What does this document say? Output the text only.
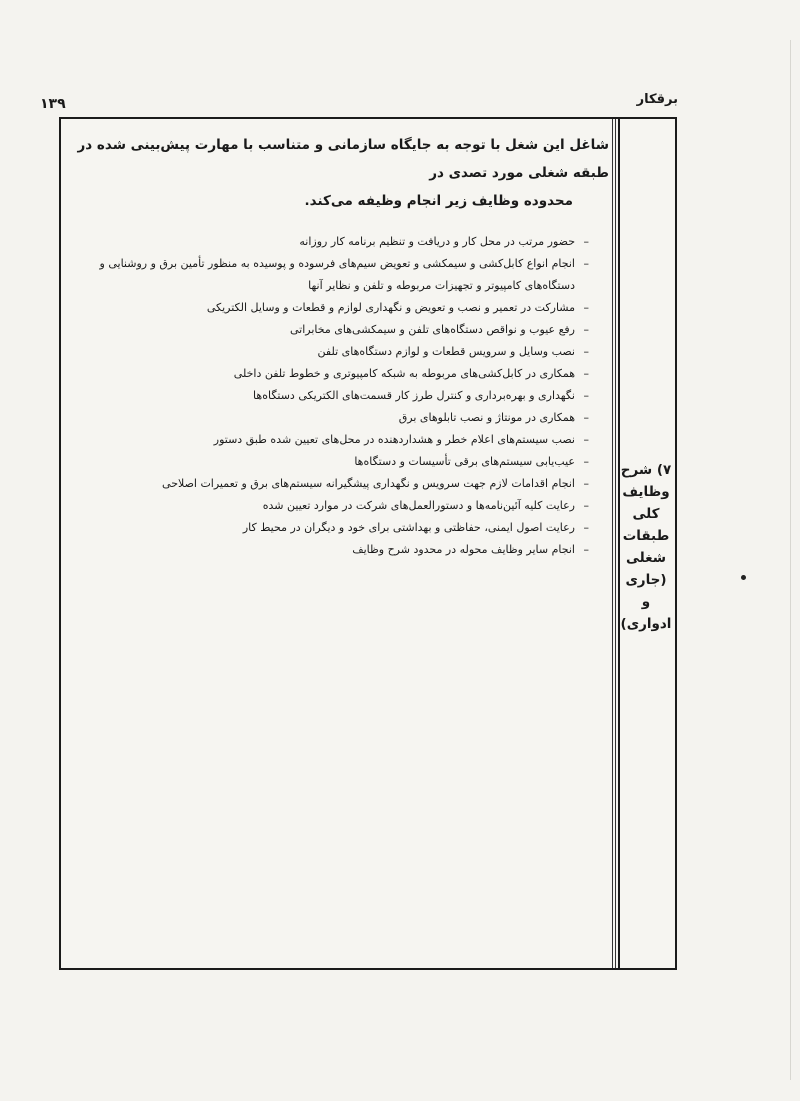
برقکار
۱۳۹
۷) شرح
وظایف
کلی
طبقات
شغلی
(جاری و
ادواری)

شاغل این شغل با توجه به جایگاه سازمانی و متناسب با مهارت پیش‌بینی شده در طبقه شغلی مورد تصدی در
محدوده وظایف زیر انجام وظیفه می‌کند.

–
حضور مرتب در محل کار و دریافت و تنظیم برنامه کار روزانه
–
انجام انواع کابل‌کشی و سیمکشی و تعویض سیم‌های فرسوده و پوسیده به منظور تأمین برق و روشنایی و دستگاه‌های کامپیوتر و تجهیزات مربوطه و تلفن و نظایر آنها
–
مشارکت در تعمیر و نصب و تعویض و نگهداری لوازم و قطعات و وسایل الکتریکی
–
رفع عیوب و نواقص دستگاه‌های تلفن و سیمکشی‌های مخابراتی
–
نصب وسایل و سرویس قطعات و لوازم دستگاه‌های تلفن
–
همکاری در کابل‌کشی‌های مربوطه به شبکه کامپیوتری و خطوط تلفن داخلی
–
نگهداری و بهره‌برداری و کنترل طرز کار قسمت‌های الکتریکی دستگاه‌ها
–
همکاری در مونتاژ و نصب تابلوهای برق
–
نصب سیستم‌های اعلام خطر و هشداردهنده در محل‌های تعیین شده طبق دستور
–
عیب‌یابی سیستم‌های برقی تأسیسات و دستگاه‌ها
–
انجام اقدامات لازم جهت سرویس و نگهداری پیشگیرانه سیستم‌های برق و تعمیرات اصلاحی
–
رعایت کلیه آئین‌نامه‌ها و دستورالعمل‌های شرکت در موارد تعیین شده
–
رعایت اصول ایمنی، حفاظتی و بهداشتی برای خود و دیگران در محیط کار
–
انجام سایر وظایف محوله در محدود شرح وظایف
